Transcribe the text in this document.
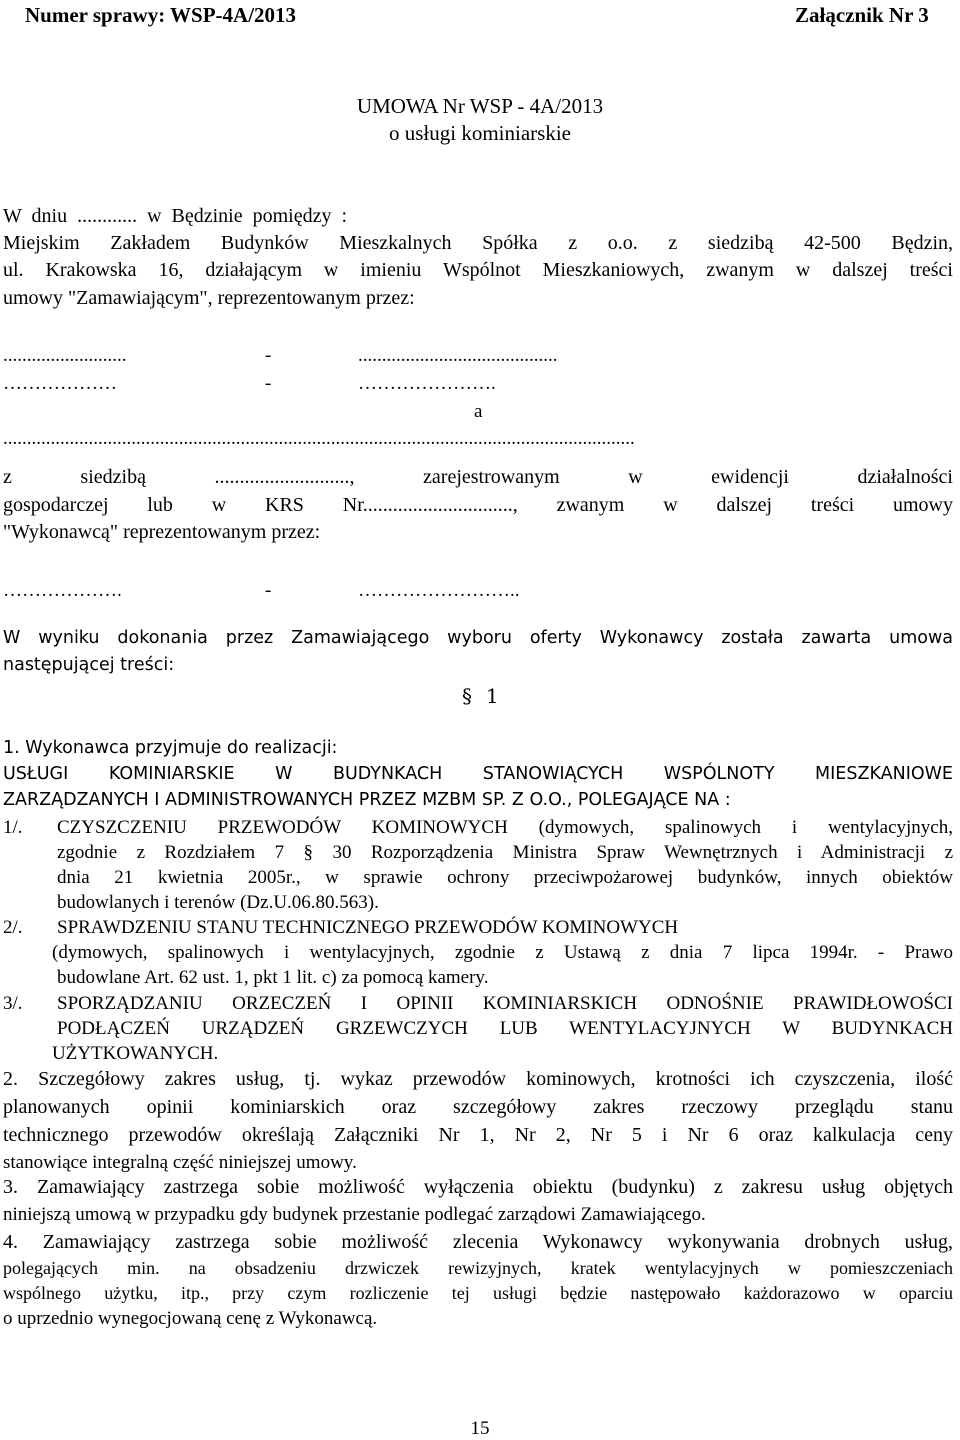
Numer sprawy: WSP-4A/2013	Załącznik Nr 3
UMOWA Nr WSP - 4A/2013
o usługi kominiarskie
W dniu ............ w Będzinie pomiędzy :
Miejskim Zakładem Budynków Mieszkalnych Spółka z o.o. z siedzibą 42-500 Będzin,
ul. Krakowska 16, działającym w imieniu Wspólnot Mieszkaniowych, zwanym w dalszej treści
umowy "Zamawiającym", reprezentowanym przez:
..........................	-	..........................................
………………	-	………………….
a
.....................................................................................................................................
z siedzibą ..........................., zarejestrowanym w ewidencji działalności
gospodarczej lub w KRS Nr.............................., zwanym w dalszej treści umowy
"Wykonawcą" reprezentowanym przez:
……………….	-	……………………..
W wyniku dokonania przez Zamawiającego wyboru oferty Wykonawcy została zawarta umowa
następującej treści:
§ 1
1. Wykonawca przyjmuje do realizacji:
USŁUGI KOMINIARSKIE W BUDYNKACH STANOWIĄCYCH WSPÓLNOTY MIESZKANIOWE
ZARZĄDZANYCH I ADMINISTROWANYCH PRZEZ MZBM SP. Z O.O., POLEGAJĄCE NA :
1/. CZYSZCZENIU PRZEWODÓW KOMINOWYCH (dymowych, spalinowych i wentylacyjnych,
zgodnie z Rozdziałem 7 § 30 Rozporządzenia Ministra Spraw Wewnętrznych i Administracji z
dnia 21 kwietnia 2005r., w sprawie ochrony przeciwpożarowej budynków, innych obiektów
budowlanych i terenów (Dz.U.06.80.563).
2/. SPRAWDZENIU STANU TECHNICZNEGO PRZEWODÓW KOMINOWYCH
(dymowych, spalinowych i wentylacyjnych, zgodnie z Ustawą z dnia 7 lipca 1994r. - Prawo
budowlane Art. 62 ust. 1, pkt 1 lit. c) za pomocą kamery.
3/. SPORZĄDZANIU ORZECZEŃ I OPINII KOMINIARSKICH ODNOŚNIE PRAWIDŁOWOŚCI
PODŁĄCZEŃ URZĄDZEŃ GRZEWCZYCH LUB WENTYLACYJNYCH W BUDYNKACH
UŻYTKOWANYCH.
2. Szczegółowy zakres usług, tj. wykaz przewodów kominowych, krotności ich czyszczenia, ilość
planowanych opinii kominiarskich oraz szczegółowy zakres rzeczowy przeglądu stanu
technicznego przewodów określają Załączniki Nr 1, Nr 2, Nr 5 i Nr 6 oraz kalkulacja ceny
stanowiące integralną część niniejszej umowy.
3. Zamawiający zastrzega sobie możliwość wyłączenia obiektu (budynku) z zakresu usług objętych
niniejszą umową w przypadku gdy budynek przestanie podlegać zarządowi Zamawiającego.
4. Zamawiający zastrzega sobie możliwość zlecenia Wykonawcy wykonywania drobnych usług,
polegających min. na obsadzeniu drzwiczek rewizyjnych, kratek wentylacyjnych w pomieszczeniach
wspólnego użytku, itp., przy czym rozliczenie tej usługi będzie następowało każdorazowo w oparciu
o uprzednio wynegocjowaną cenę z Wykonawcą.
15
